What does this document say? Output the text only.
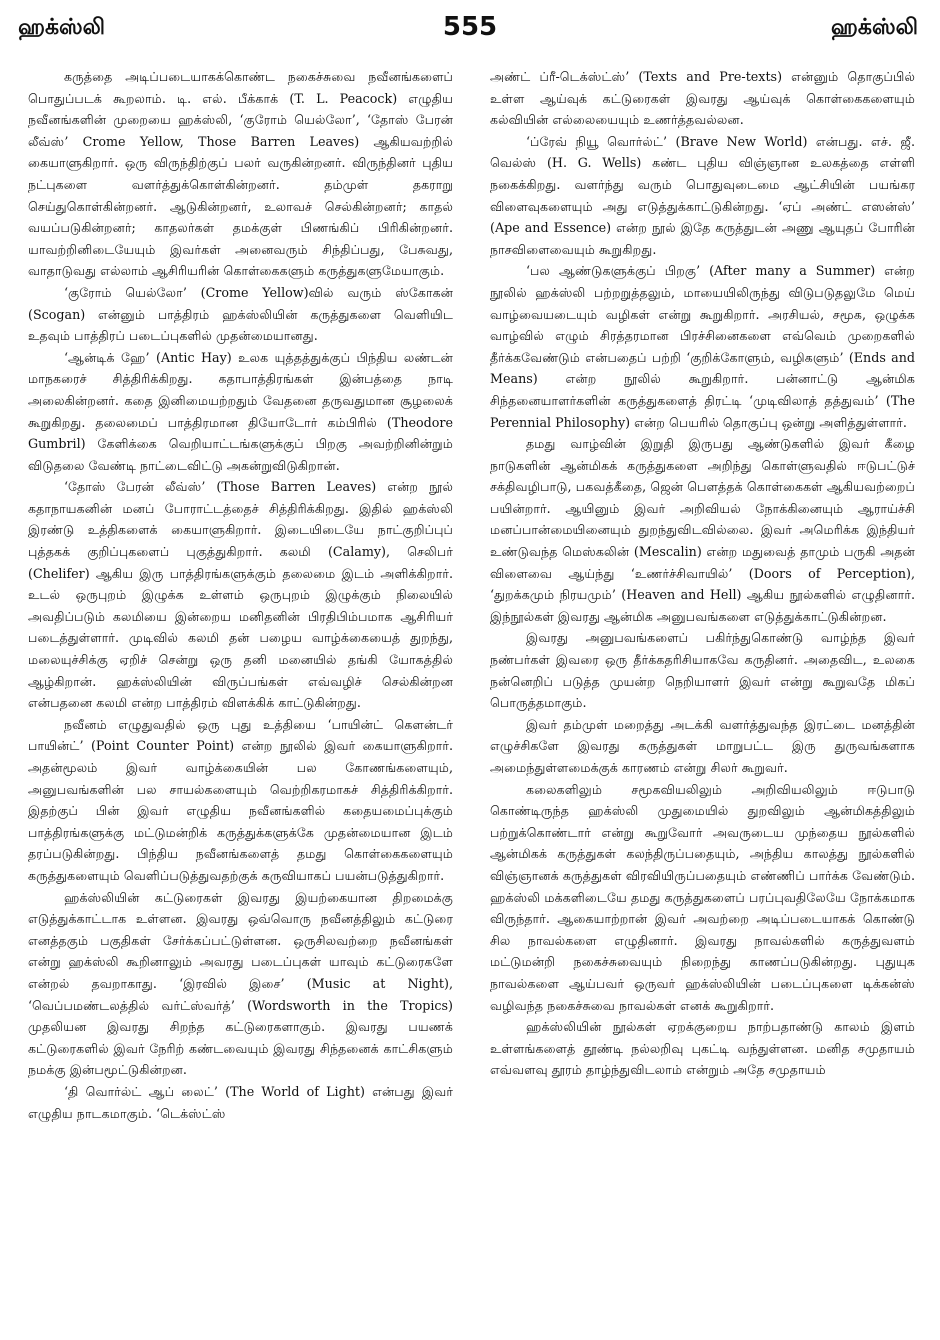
ஹக்ஸ்லி	555	ஹக்ஸ்லி

கருத்தை அடிப்படையாகக்கொண்ட நகைச்சுவை நவீனங்களைப் பொதுப்படக் கூறலாம். டி. எல். பீக்காக் (T. L. Peacock) எழுதிய நவீனங்களின் முறையை ஹக்ஸ்லி, ‘குரோம் யெல்லோ’, ‘தோஸ் பேரன் லீவ்ஸ்’ Crome Yellow, Those Barren Leaves) ஆகியவற்றில் கையாளுகிறார். ஒரு விருந்திற்குப் பலர் வருகின்றனர். விருந்தினர் புதிய நட்புகளை வளர்த்துக்கொள்கின்றனர். தம்முள் தகராறு செய்துகொள்கின்றனர். ஆடுகின்றனர், உலாவச் செல்கின்றனர்; காதல் வயப்படுகின்றனர்; காதலர்கள் தமக்குள் பிணங்கிப் பிரிகின்றனர். யாவற்றினிடையேயும் இவர்கள் அனைவரும் சிந்திப்பது, பேசுவது, வாதாடுவது எல்லாம் ஆசிரியரின் கொள்கைகளும் கருத்துகளுமேயாகும்.

‘குரோம் யெல்லோ’ (Crome Yellow)வில் வரும் ஸ்கோகன் (Scogan) என்னும் பாத்திரம் ஹக்ஸ்லியின் கருத்துகளை வெளியிட உதவும் பாத்திரப் படைப்புகளில் முதன்மையானது.

‘ஆன்டிக் ஹே’ (Antic Hay) உலக யுத்தத்துக்குப் பிந்திய லண்டன் மாநகரைச் சித்திரிக்கிறது. கதாபாத்திரங்கள் இன்பத்தை நாடி அலைகின்றனர். கதை இனிமையற்றதும் வேதனை தருவதுமான சூழலைக் கூறுகிறது. தலைமைப் பாத்திரமான தியோடோர் கம்பிரில் (Theodore Gumbril) கேளிக்கை வெறியாட்டங்களுக்குப் பிறகு அவற்றினின்றும் விடுதலை வேண்டி நாட்டைவிட்டு அகன்றுவிடுகிறான்.

‘தோஸ் பேரன் லீவ்ஸ்’ (Those Barren Leaves) என்ற நூல் கதாநாயகனின் மனப் போராட்டத்தைச் சித்திரிக்கிறது. இதில் ஹக்ஸ்லி இரண்டு உத்திகளைக் கையாளுகிறார். இடையிடையே நாட்குறிப்புப் புத்தகக் குறிப்புகளைப் புகுத்துகிறார். கலமி (Calamy), செலிபர் (Chelifer) ஆகிய இரு பாத்திரங்களுக்கும் தலைமை இடம் அளிக்கிறார். உடல் ஒருபுறம் இழுக்க உள்ளம் ஒருபுறம் இழுக்கும் நிலையில் அவதிப்படும் கலமியை இன்றைய மனிதனின் பிரதிபிம்பமாக ஆசிரியர் படைத்துள்ளார். முடிவில் கலமி தன் பழைய வாழ்க்கையைத் துறந்து, மலையுச்சிக்கு ஏறிச் சென்று ஒரு தனி மனையில் தங்கி யோகத்தில் ஆழ்கிறான். ஹக்ஸ்லியின் விருப்பங்கள் எவ்வழிச் செல்கின்றன என்பதனை கலமி என்ற பாத்திரம் விளக்கிக் காட்டுகின்றது.

நவீனம் எழுதுவதில் ஒரு புது உத்தியை ‘பாயின்ட் கௌன்டர் பாயின்ட்’ (Point Counter Point) என்ற நூலில் இவர் கையாளுகிறார். அதன்மூலம் இவர் வாழ்க்கையின் பல கோணங்களையும், அனுபவங்களின் பல சாயல்களையும் வெற்றிகரமாகச் சித்திரிக்கிறார். இதற்குப் பின் இவர் எழுதிய நவீனங்களில் கதையமைப்புக்கும் பாத்திரங்களுக்கு மட்டுமன்றிக் கருத்துக்களுக்கே முதன்மையான இடம் தரப்படுகின்றது. பிந்திய நவீனங்களைத் தமது கொள்கைகளையும் கருத்துகளையும் வெளிப்படுத்துவதற்குக் கருவியாகப் பயன்படுத்துகிறார்.

ஹக்ஸ்லியின் கட்டுரைகள் இவரது இயற்கையான திறமைக்கு எடுத்துக்காட்டாக உள்ளன. இவரது ஒவ்வொரு நவீனத்திலும் கட்டுரை எனத்தகும் பகுதிகள் சேர்க்கப்பட்டுள்ளன. ஒருசிலவற்றை நவீனங்கள் என்று ஹக்ஸ்லி கூறினாலும் அவரது படைப்புகள் யாவும் கட்டுரைகளே என்றல் தவறாகாது. ‘இரவில் இசை’ (Music at Night), ‘வெப்பமண்டலத்தில் வர்ட்ஸ்வர்த்’ (Wordsworth in the Tropics) முதலியன இவரது சிறந்த கட்டுரைகளாகும். இவரது பயணக் கட்டுரைகளில் இவர் நேரிற் கண்டவையும் இவரது சிந்தனைக் காட்சிகளும் நமக்கு இன்பமூட்டுகின்றன.

‘தி வொர்ல்ட் ஆப் லைட்’ (The World of Light) என்பது இவர் எழுதிய நாடகமாகும். ‘டெக்ஸ்ட்ஸ்

அண்ட் ப்ரீ-டெக்ஸ்ட்ஸ்’ (Texts and Pre-texts) என்னும் தொகுப்பில் உள்ள ஆய்வுக் கட்டுரைகள் இவரது ஆய்வுக் கொள்கைகளையும் கல்வியின் எல்லையையும் உணர்த்தவல்லன.

‘ப்ரேவ் நியூ வொர்ல்ட்’ (Brave New World) என்பது. எச். ஜீ. வெல்ஸ் (H. G. Wells) கண்ட புதிய விஞ்ஞான உலகத்தை எள்ளி நகைக்கிறது. வளர்ந்து வரும் பொதுவுடைமை ஆட்சியின் பயங்கர விளைவுகளையும் அது எடுத்துக்காட்டுகின்றது. ‘ஏப் அண்ட் எஸன்ஸ்’ (Ape and Essence) என்ற நூல் இதே கருத்துடன் அணு ஆயுதப் போரின் நாசவிளைவையும் கூறுகிறது.

‘பல ஆண்டுகளுக்குப் பிறகு’ (After many a Summer) என்ற நூலில் ஹக்ஸ்லி பற்றறுத்தலும், மாயையிலிருந்து விடுபடுதலுமே மெய் வாழ்வையடையும் வழிகள் என்று கூறுகிறார். அரசியல், சமூக, ஒழுக்க வாழ்வில் எழும் சிரத்தரமான பிரச்சினைகளை எவ்வெம் முறைகளில் தீர்க்கவேண்டும் என்பதைப் பற்றி ‘குறிக்கோளும், வழிகளும்’ (Ends and Means) என்ற நூலில் கூறுகிறார். பன்னாட்டு ஆன்மிக சிந்தனையாளர்களின் கருத்துகளைத் திரட்டி ‘முடிவிலாத் தத்துவம்’ (The Perennial Philosophy) என்ற பெயரில் தொகுப்பு ஒன்று அளித்துள்ளார்.

தமது வாழ்வின் இறுதி இருபது ஆண்டுகளில் இவர் கீழை நாடுகளின் ஆன்மிகக் கருத்துகளை அறிந்து கொள்ளுவதில் ஈடுபட்டுச் சக்திவழிபாடு, பகவத்கீதை, ஜென் பௌத்தக் கொள்கைகள் ஆகியவற்றைப் பயின்றார். ஆயினும் இவர் அறிவியல் நோக்கினையும் ஆராய்ச்சி மனப்பான்மையினையும் துறந்துவிடவில்லை. இவர் அமெரிக்க இந்தியர் உண்டுவந்த மெஸ்கலின் (Mescalin) என்ற மதுவைத் தாமும் பருகி அதன் விளைவை ஆய்ந்து ‘உணர்ச்சிவாயில்’ (Doors of Perception), ‘துறக்கமும் நிரயமும்’ (Heaven and Hell) ஆகிய நூல்களில் எழுதினார். இந்நூல்கள் இவரது ஆன்மிக அனுபவங்களை எடுத்துக்காட்டுகின்றன.

இவரது அனுபவங்களைப் பகிர்ந்துகொண்டு வாழ்ந்த இவர் நண்பர்கள் இவரை ஒரு தீர்க்கதரிசியாகவே கருதினர். அதைவிட, உலகை நன்னெறிப் படுத்த முயன்ற நெறியாளர் இவர் என்று கூறுவதே மிகப் பொருத்தமாகும்.

இவர் தம்முள் மறைத்து அடக்கி வளர்த்துவந்த இரட்டை மனத்தின் எழுச்சிகளே இவரது கருத்துகள் மாறுபட்ட இரு துருவங்களாக அமைந்துள்ளமைக்குக் காரணம் என்று சிலர் கூறுவர்.

கலைகளிலும் சமூகவியலிலும் அறிவியலிலும் ஈடுபாடு கொண்டிருந்த ஹக்ஸ்லி முதுமையில் துறவிலும் ஆன்மிகத்திலும் பற்றுக்கொண்டார் என்று கூறுவோர் அவருடைய முந்தைய நூல்களில் ஆன்மிகக் கருத்துகள் கலந்திருப்பதையும், அந்திய காலத்து நூல்களில் விஞ்ஞானக் கருத்துகள் விரவியிருப்பதையும் எண்ணிப் பார்க்க வேண்டும். ஹக்ஸ்லி மக்களிடையே தமது கருத்துகளைப் பரப்புவதிலேயே நோக்கமாக விருந்தார். ஆகையாற்றான் இவர் அவற்றை அடிப்படையாகக் கொண்டு சில நாவல்களை எழுதினார். இவரது நாவல்களில் கருத்துவளம் மட்டுமன்றி நகைச்சுவையும் நிறைந்து காணப்படுகின்றது. புதுயுக நாவல்களை ஆய்பவர் ஒருவர் ஹக்ஸ்லியின் படைப்புகளை டிக்கன்ஸ் வழிவந்த நகைச்சுவை நாவல்கள் எனக் கூறுகிறார்.

ஹக்ஸ்லியின் நூல்கள் ஏறக்குறைய நாற்பதாண்டு காலம் இளம் உள்ளங்களைத் தூண்டி நல்லறிவு புகட்டி வந்துள்ளன. மனித சமுதாயம் எவ்வளவு தூரம் தாழ்ந்துவிடலாம் என்றும் அதே சமுதாயம்
